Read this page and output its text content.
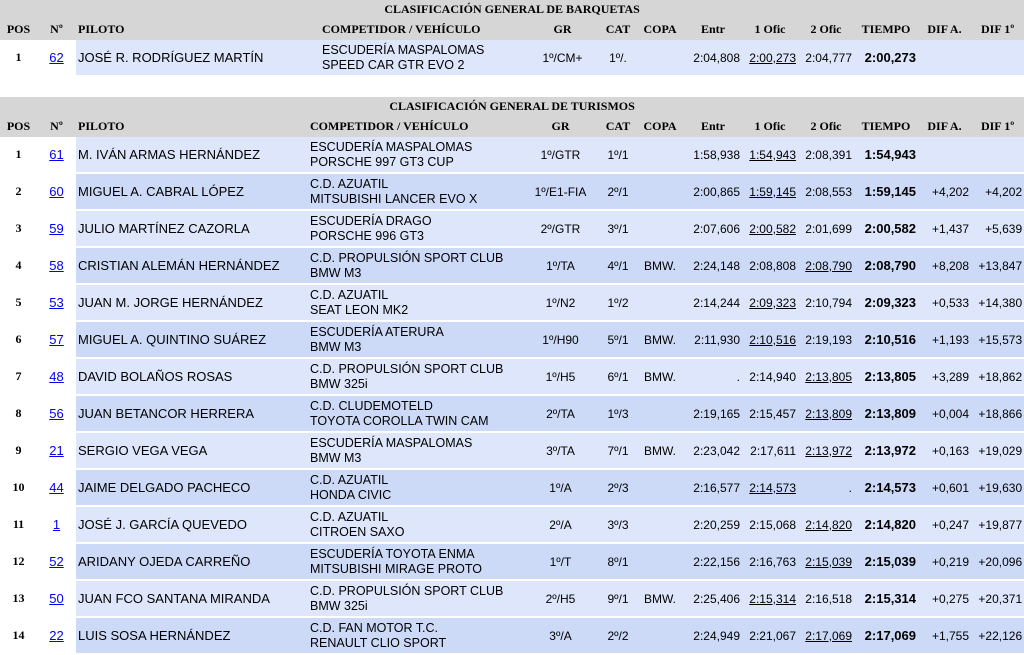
CLASIFICACIÓN GENERAL DE BARQUETAS												
POS	Nº	PILOTO	COMPETIDOR / VEHÍCULO	GR	CAT	COPA	Entr	1 Ofic	2 Ofic	TIEMPO	DIF A.	DIF 1º
1	62	JOSÉ R. RODRÍGUEZ MARTÍN	ESCUDERÍA MASPALOMAS
SPEED CAR GTR EVO 2	1º/CM+	1º/.		2:04,808	2:00,273	2:04,777	2:00,273		
CLASIFICACIÓN GENERAL DE TURISMOS												
POS	Nº	PILOTO	COMPETIDOR / VEHÍCULO	GR	CAT	COPA	Entr	1 Ofic	2 Ofic	TIEMPO	DIF A.	DIF 1º
1	61	M. IVÁN ARMAS HERNÁNDEZ	ESCUDERÍA MASPALOMAS
PORSCHE 997 GT3 CUP	1º/GTR	1º/1		1:58,938	1:54,943	2:08,391	1:54,943		
2	60	MIGUEL A. CABRAL LÓPEZ	C.D. AZUATIL
MITSUBISHI LANCER EVO X	1º/E1-FIA	2º/1		2:00,865	1:59,145	2:08,553	1:59,145	+4,202	+4,202
3	59	JULIO MARTÍNEZ CAZORLA	ESCUDERÍA DRAGO
PORSCHE 996 GT3	2º/GTR	3º/1		2:07,606	2:00,582	2:01,699	2:00,582	+1,437	+5,639
4	58	CRISTIAN ALEMÁN HERNÁNDEZ	C.D. PROPULSIÓN SPORT CLUB
BMW M3	1º/TA	4º/1	BMW.	2:24,148	2:08,808	2:08,790	2:08,790	+8,208	+13,847
5	53	JUAN M. JORGE HERNÁNDEZ	C.D. AZUATIL
SEAT LEON MK2	1º/N2	1º/2		2:14,244	2:09,323	2:10,794	2:09,323	+0,533	+14,380
6	57	MIGUEL A. QUINTINO SUÁREZ	ESCUDERÍA ATERURA
BMW M3	1º/H90	5º/1	BMW.	2:11,930	2:10,516	2:19,193	2:10,516	+1,193	+15,573
7	48	DAVID BOLAÑOS ROSAS	C.D. PROPULSIÓN SPORT CLUB
BMW 325i	1º/H5	6º/1	BMW.	.	2:14,940	2:13,805	2:13,805	+3,289	+18,862
8	56	JUAN BETANCOR HERRERA	C.D. CLUDEMOTELD
TOYOTA COROLLA TWIN CAM	2º/TA	1º/3		2:19,165	2:15,457	2:13,809	2:13,809	+0,004	+18,866
9	21	SERGIO VEGA VEGA	ESCUDERÍA MASPALOMAS
BMW M3	3º/TA	7º/1	BMW.	2:23,042	2:17,611	2:13,972	2:13,972	+0,163	+19,029
10	44	JAIME DELGADO PACHECO	C.D. AZUATIL
HONDA CIVIC	1º/A	2º/3		2:16,577	2:14,573	.	2:14,573	+0,601	+19,630
11	1	JOSÉ J. GARCÍA QUEVEDO	C.D. AZUATIL
CITROEN SAXO	2º/A	3º/3		2:20,259	2:15,068	2:14,820	2:14,820	+0,247	+19,877
12	52	ARIDANY OJEDA CARREÑO	ESCUDERÍA TOYOTA ENMA
MITSUBISHI MIRAGE PROTO	1º/T	8º/1		2:22,156	2:16,763	2:15,039	2:15,039	+0,219	+20,096
13	50	JUAN FCO SANTANA MIRANDA	C.D. PROPULSIÓN SPORT CLUB
BMW 325i	2º/H5	9º/1	BMW.	2:25,406	2:15,314	2:16,518	2:15,314	+0,275	+20,371
14	22	LUIS SOSA HERNÁNDEZ	C.D. FAN MOTOR T.C.
RENAULT CLIO SPORT	3º/A	2º/2		2:24,949	2:21,067	2:17,069	2:17,069	+1,755	+22,126
